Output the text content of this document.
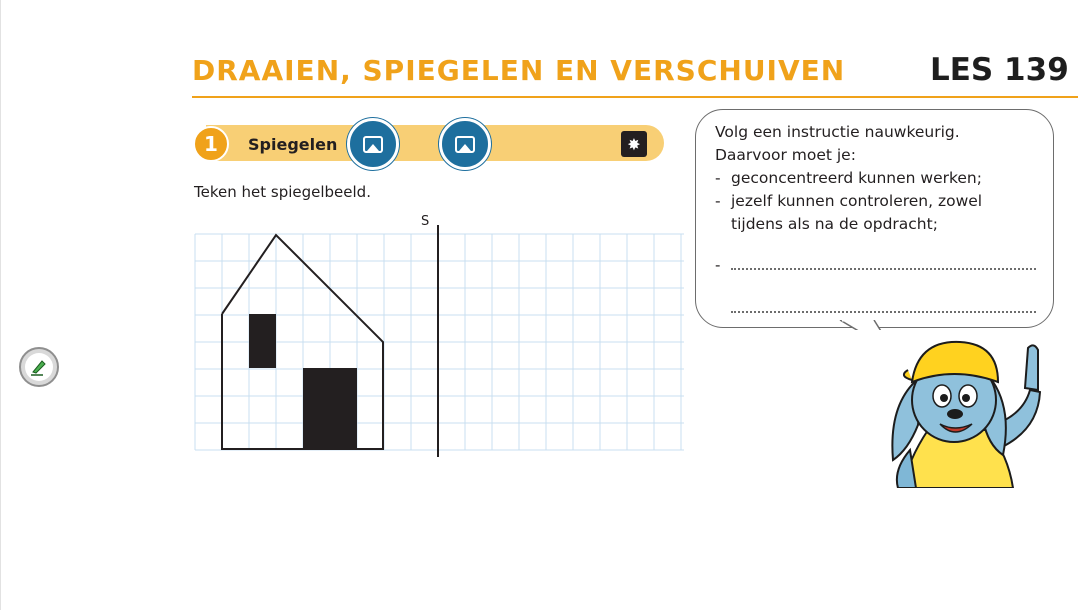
DRAAIEN, SPIEGELEN EN VERSCHUIVEN	LES 139
1	Spiegelen	✸
Teken het spiegelbeeld.
S
Volg een instructie nauwkeurig.
Daarvoor moet je:
- geconcentreerd kunnen werken;
- jezelf kunnen controleren, zowel
tijdens als na de opdracht;
-
